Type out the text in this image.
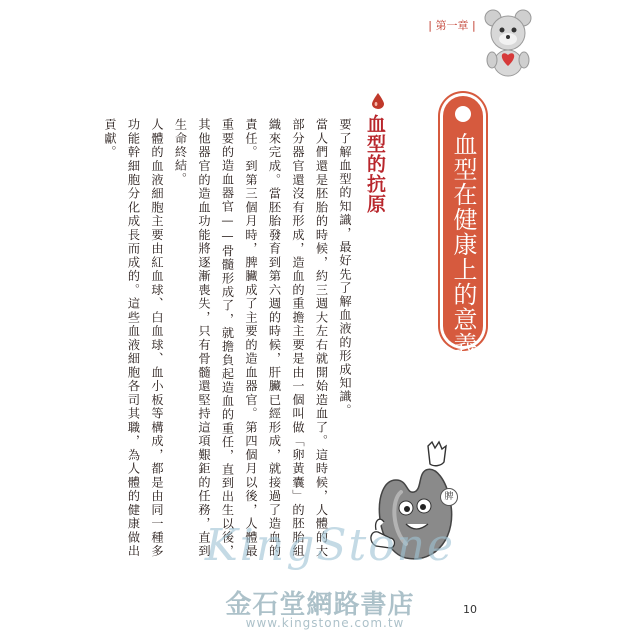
| 第一章 |
血型在健康上的意義
血型的抗原

要了解血型的知識，最好先了解血液的形成知識。

當人們還是胚胎的時候，約三週大左右就開始造血了。這時候，人體的大部分器官還沒有形成，造血的重擔主要是由一個叫做「卵黃囊」的胚胎組織來完成。當胚胎發育到第六週的時候，肝臟已經形成，就接過了造血的責任。到第三個月時，脾臟成了主要的造血器官。第四個月以後，人體最重要的造血器官——骨髓形成了，就擔負起造血的重任，直到出生以後，其他器官的造血功能將逐漸喪失，只有骨髓還堅持這項艱鉅的任務，直到生命終結。

人體的血液細胞主要由紅血球、白血球、血小板等構成，都是由同一種多功能幹細胞分化成長而成的。這些血液細胞各司其職，為人體的健康做出貢獻。

脾
KingStone
金石堂網路書店
www.kingstone.com.tw
10
